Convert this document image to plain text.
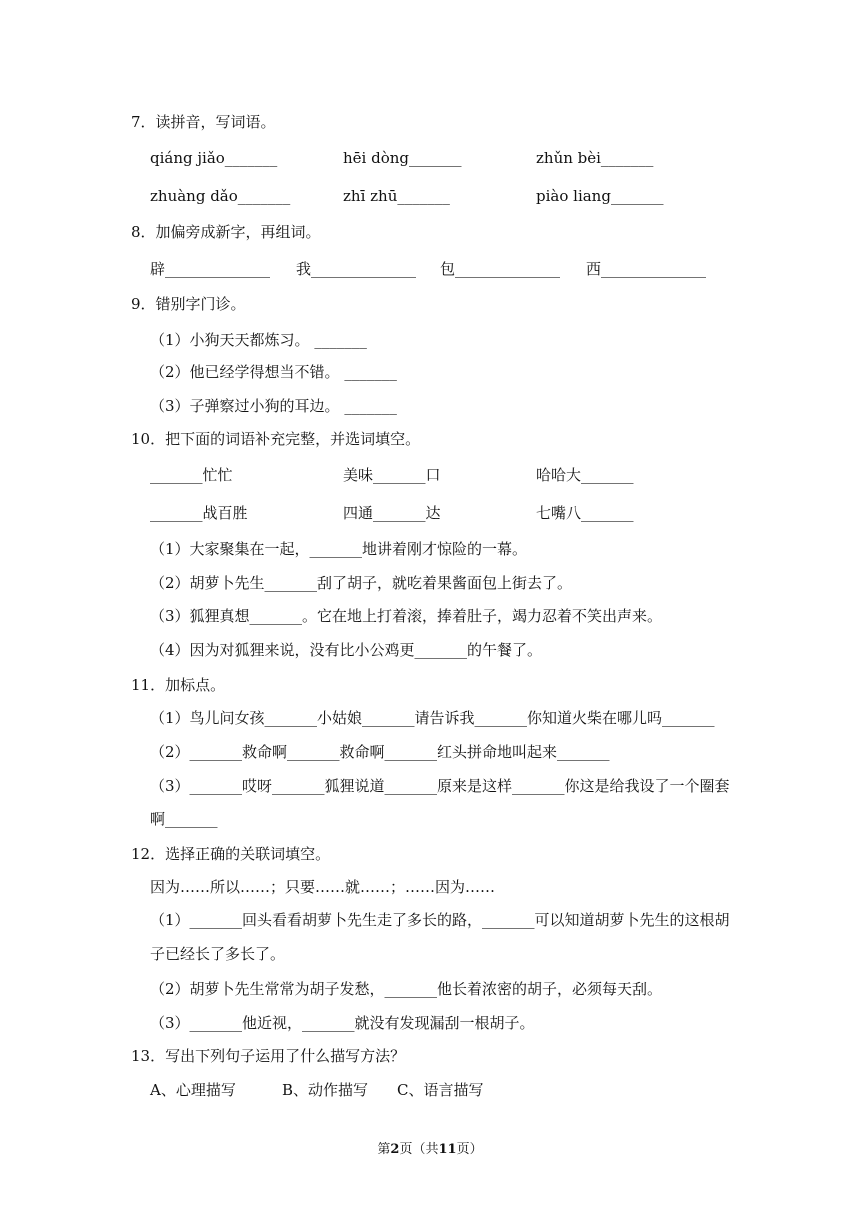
7．读拼音，写词语。
qiáng jiǎo_______	hēi dòng_______	zhǔn bèi_______
zhuàng dǎo_______	zhī zhū_______	piào liang_______
8．加偏旁成新字，再组词。
辟______________ 我______________ 包______________ 西______________
9．错别字门诊。
（1）小狗天天都炼习。 _______
（2）他已经学得想当不错。 _______
（3）子弹察过小狗的耳边。 _______
10．把下面的词语补充完整，并选词填空。
_______忙忙	美味_______口	哈哈大_______
_______战百胜	四通_______达	七嘴八_______
（1）大家聚集在一起，_______地讲着刚才惊险的一幕。
（2）胡萝卜先生_______刮了胡子，就吃着果酱面包上街去了。
（3）狐狸真想_______。它在地上打着滚，捧着肚子，竭力忍着不笑出声来。
（4）因为对狐狸来说，没有比小公鸡更_______的午餐了。
11．加标点。
（1）鸟儿问女孩_______小姑娘_______请告诉我_______你知道火柴在哪儿吗_______
（2）_______救命啊_______救命啊_______红头拼命地叫起来_______
（3）_______哎呀_______狐狸说道_______原来是这样_______你这是给我设了一个圈套
啊_______
12．选择正确的关联词填空。
因为……所以……；只要……就……；……因为……
（1）_______回头看看胡萝卜先生走了多长的路，_______可以知道胡萝卜先生的这根胡
子已经长了多长了。
（2）胡萝卜先生常常为胡子发愁，_______他长着浓密的胡子，必须每天刮。
（3）_______他近视，_______就没有发现漏刮一根胡子。
13．写出下列句子运用了什么描写方法？
A、心理描写	B、动作描写 C、语言描写
第2页（共11页）
